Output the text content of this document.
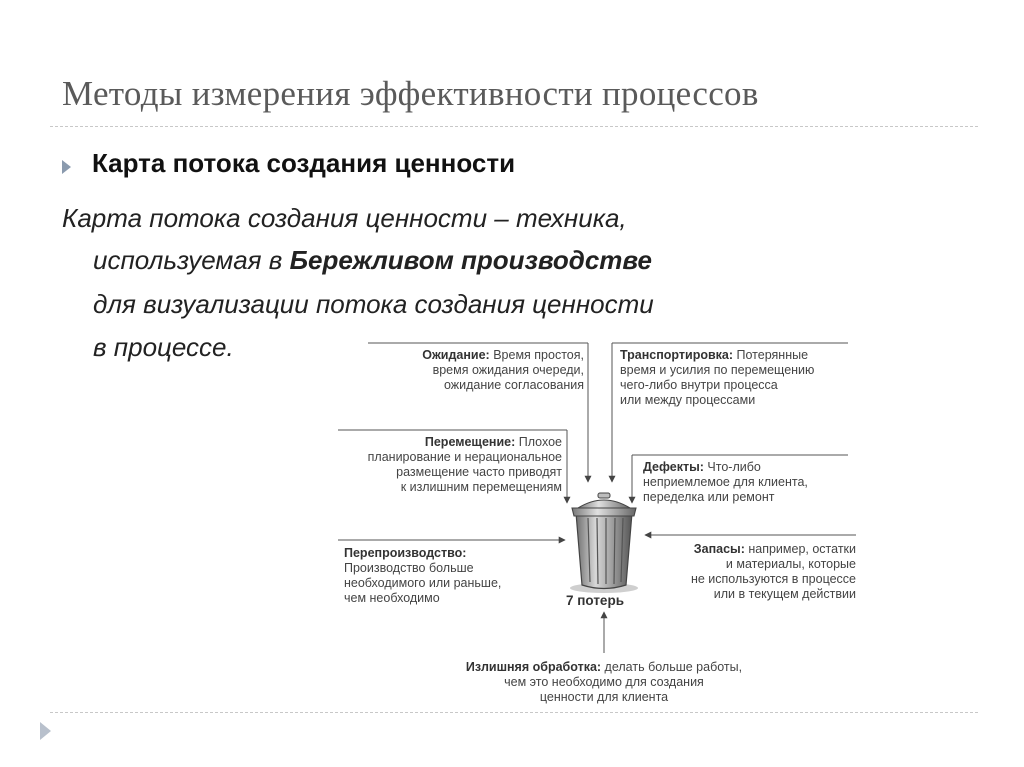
Методы измерения эффективности процессов
Карта потока создания ценности
Карта потока создания ценности – техника,
используемая в Бережливом производстве
для визуализации потока создания ценности
в процессе.	Ожидание: Время простоя,
время ожидания очереди,
ожидание согласования
Транспортировка: Потерянные
время и усилия по перемещению
чего-либо внутри процесса
или между процессами
Перемещение: Плохое
планирование и нерациональное
размещение часто приводят
к излишним перемещениям
Дефекты: Что-либо
неприемлемое для клиента,
переделка или ремонт
Перепроизводство:
Производство больше
необходимого или раньше,
чем необходимо
Запасы: например, остатки
и материалы, которые
не используются в процессе
или в текущем действии
Излишняя обработка: делать больше работы,
чем это необходимо для создания
ценности для клиента
7 потерь
